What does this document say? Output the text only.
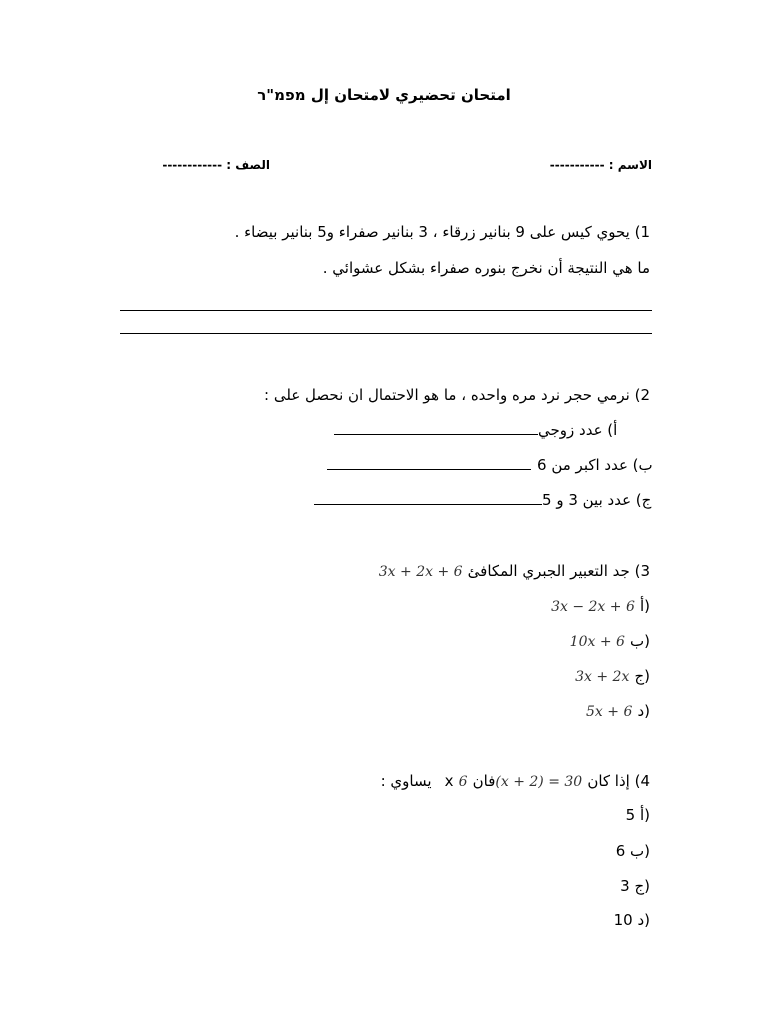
امتحان تحضيري لامتحان إل מפמ"ר
الاسم : -----------
الصف : ------------
1) يحوي كيس على 9 بنانير زرقاء ، 3 بنانير صفراء و5 بنانير بيضاء .
ما هي النتيجة أن نخرج بنوره صفراء بشكل عشوائي .
2) نرمي حجر نرد مره واحده ، ما هو الاحتمال ان نحصل على :
أ) عدد زوجي
ب) عدد اكبر من 6
ج) عدد بين 3 و 5
3x + 2x + 6 3) جد التعبير الجبري المكافئ
3x − 2x + 6 أ)
10x + 6 ب)
3x + 2x ج)
5x + 6 د)
يساوي : x فان 6(x + 2) = 30 4) إذا كان
5 أ)
6 ب)
3 ج)
10 د)
